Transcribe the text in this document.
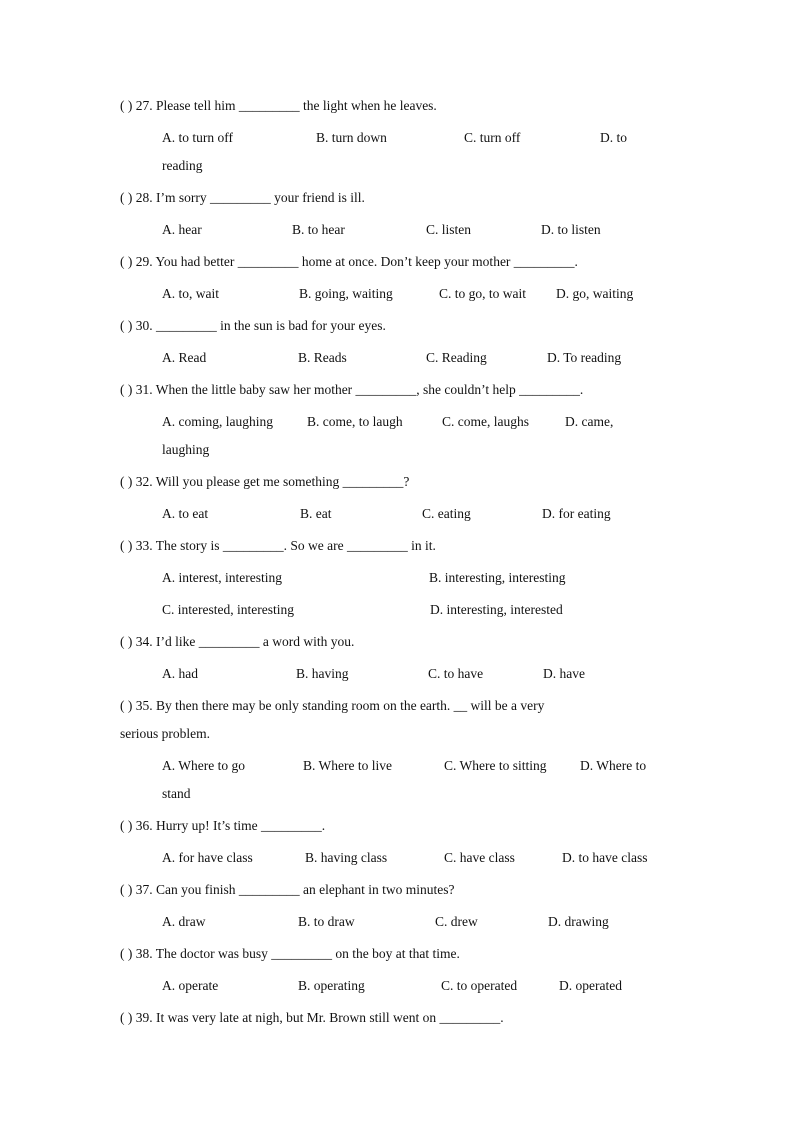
( ) 27. Please tell him _________ the light when he leaves.
A. to turn off	B. turn down	C. turn off	D. to
reading
( ) 28. I’m sorry _________ your friend is ill.
A. hear	B. to hear	C. listen	D. to listen
( ) 29. You had better _________ home at once. Don’t keep your mother _________.
A. to, wait	B. going, waiting	C. to go, to wait D. go, waiting
( ) 30. _________ in the sun is bad for your eyes.
A. Read	B. Reads	C. Reading	D. To reading
( ) 31. When the little baby saw her mother _________, she couldn’t help _________.
A. coming, laughing	B. come, to laugh	C. come, laughs	D. came,
laughing
( ) 32. Will you please get me something _________?
A. to eat	B. eat	C. eating	D. for eating
( ) 33. The story is _________. So we are _________ in it.
A. interest, interesting	B. interesting, interesting
C. interested, interesting	D. interesting, interested
( ) 34. I’d like _________ a word with you.
A. had	B. having	C. to have	D. have
( ) 35. By then there may be only standing room on the earth. __ will be a very
serious problem.
A. Where to go	B. Where to live	C. Where to sitting D. Where to
stand
( ) 36. Hurry up! It’s time _________.
A. for have class	B. having class	C. have class	D. to have class
( ) 37. Can you finish _________ an elephant in two minutes?
A. draw	B. to draw	C. drew	D. drawing
( ) 38. The doctor was busy _________ on the boy at that time.
A. operate	B. operating	C. to operated	D. operated
( ) 39. It was very late at nigh, but Mr. Brown still went on _________.
